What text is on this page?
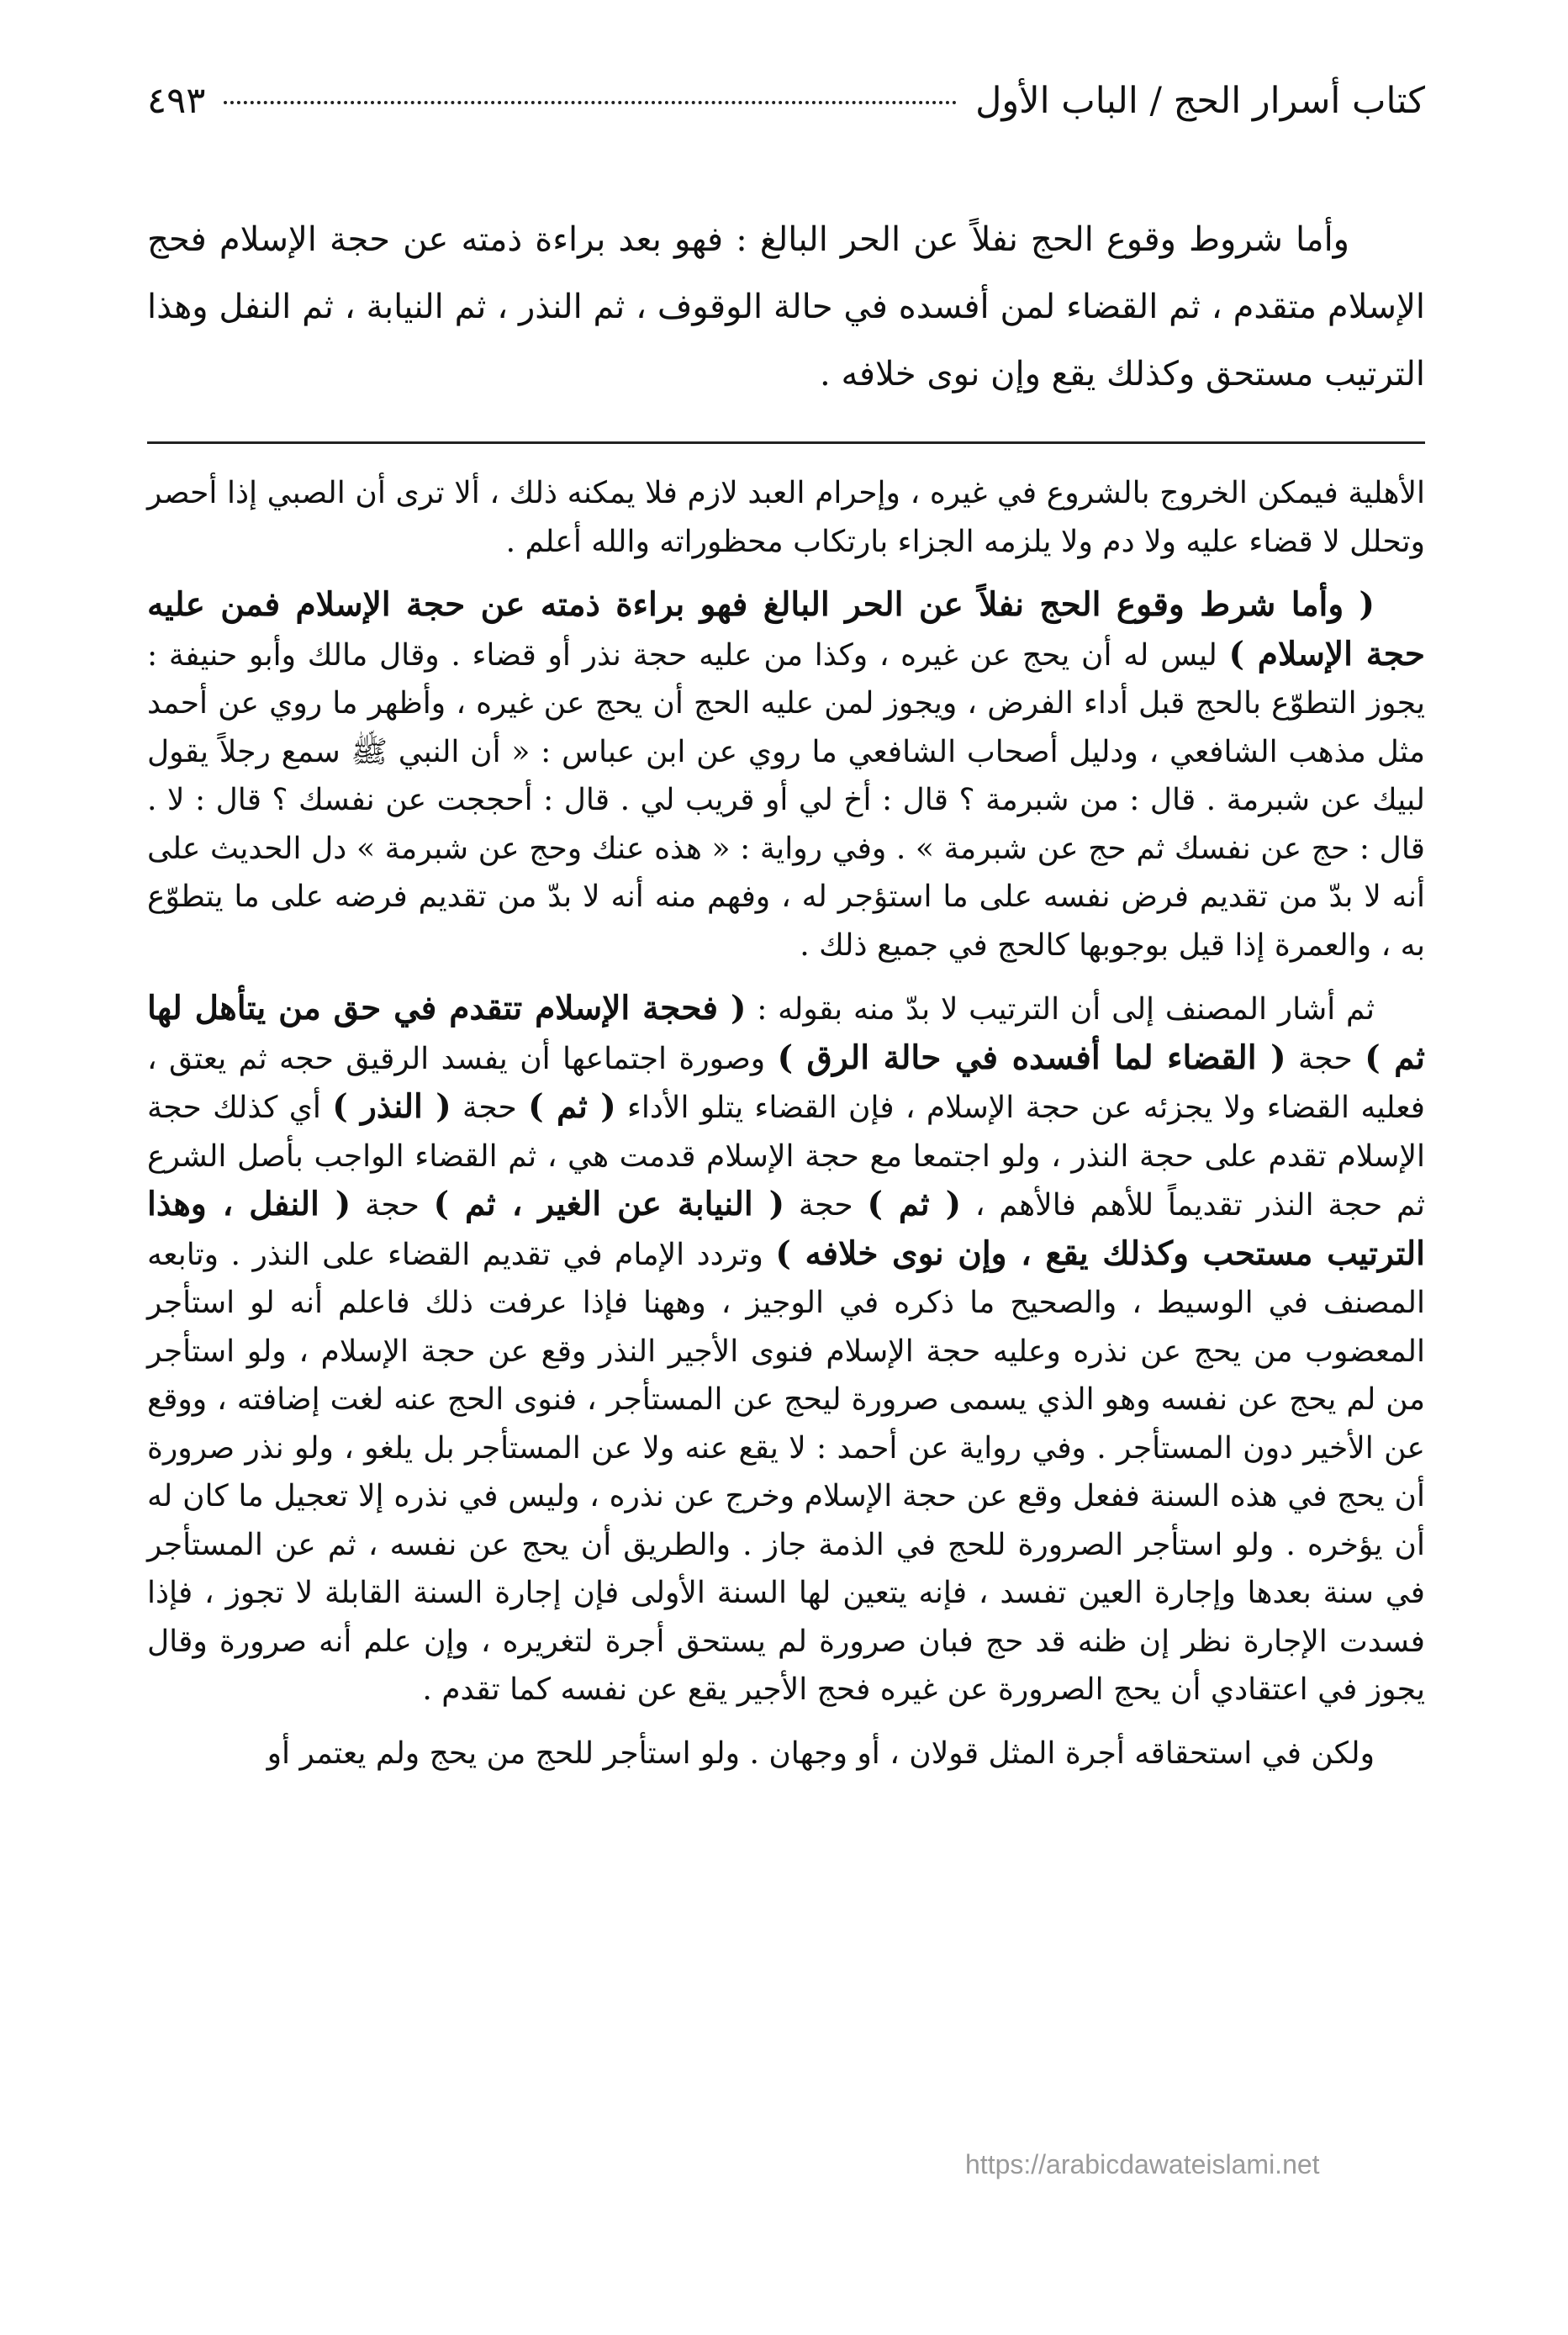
كتاب أسرار الحج / الباب الأول
٤٩٣

وأما شروط وقوع الحج نفلاً عن الحر البالغ : فهو بعد براءة ذمته عن حجة الإسلام فحج الإسلام متقدم ، ثم القضاء لمن أفسده في حالة الوقوف ، ثم النذر ، ثم النيابة ، ثم النفل وهذا الترتيب مستحق وكذلك يقع وإن نوى خلافه .

الأهلية فيمكن الخروج بالشروع في غيره ، وإحرام العبد لازم فلا يمكنه ذلك ، ألا ترى أن الصبي إذا أحصر وتحلل لا قضاء عليه ولا دم ولا يلزمه الجزاء بارتكاب محظوراته والله أعلم .

( وأما شرط وقوع الحج نفلاً عن الحر البالغ فهو براءة ذمته عن حجة الإسلام فمن عليه حجة الإسلام ) ليس له أن يحج عن غيره ، وكذا من عليه حجة نذر أو قضاء . وقال مالك وأبو حنيفة : يجوز التطوّع بالحج قبل أداء الفرض ، ويجوز لمن عليه الحج أن يحج عن غيره ، وأظهر ما روي عن أحمد مثل مذهب الشافعي ، ودليل أصحاب الشافعي ما روي عن ابن عباس : « أن النبي ﷺ سمع رجلاً يقول لبيك عن شبرمة . قال : من شبرمة ؟ قال : أخ لي أو قريب لي . قال : أحججت عن نفسك ؟ قال : لا . قال : حج عن نفسك ثم حج عن شبرمة » . وفي رواية : « هذه عنك وحج عن شبرمة » دل الحديث على أنه لا بدّ من تقديم فرض نفسه على ما استؤجر له ، وفهم منه أنه لا بدّ من تقديم فرضه على ما يتطوّع به ، والعمرة إذا قيل بوجوبها كالحج في جميع ذلك .

ثم أشار المصنف إلى أن الترتيب لا بدّ منه بقوله : ( فحجة الإسلام تتقدم في حق من يتأهل لها ثم ) حجة ( القضاء لما أفسده في حالة الرق ) وصورة اجتماعها أن يفسد الرقيق حجه ثم يعتق ، فعليه القضاء ولا يجزئه عن حجة الإسلام ، فإن القضاء يتلو الأداء ( ثم ) حجة ( النذر ) أي كذلك حجة الإسلام تقدم على حجة النذر ، ولو اجتمعا مع حجة الإسلام قدمت هي ، ثم القضاء الواجب بأصل الشرع ثم حجة النذر تقديماً للأهم فالأهم ، ( ثم ) حجة ( النيابة عن الغير ، ثم ) حجة ( النفل ، وهذا الترتيب مستحب وكذلك يقع ، وإن نوى خلافه ) وتردد الإمام في تقديم القضاء على النذر . وتابعه المصنف في الوسيط ، والصحيح ما ذكره في الوجيز ، وههنا فإذا عرفت ذلك فاعلم أنه لو استأجر المعضوب من يحج عن نذره وعليه حجة الإسلام فنوى الأجير النذر وقع عن حجة الإسلام ، ولو استأجر من لم يحج عن نفسه وهو الذي يسمى صرورة ليحج عن المستأجر ، فنوى الحج عنه لغت إضافته ، ووقع عن الأخير دون المستأجر . وفي رواية عن أحمد : لا يقع عنه ولا عن المستأجر بل يلغو ، ولو نذر صرورة أن يحج في هذه السنة ففعل وقع عن حجة الإسلام وخرج عن نذره ، وليس في نذره إلا تعجيل ما كان له أن يؤخره . ولو استأجر الصرورة للحج في الذمة جاز . والطريق أن يحج عن نفسه ، ثم عن المستأجر في سنة بعدها وإجارة العين تفسد ، فإنه يتعين لها السنة الأولى فإن إجارة السنة القابلة لا تجوز ، فإذا فسدت الإجارة نظر إن ظنه قد حج فبان صرورة لم يستحق أجرة لتغريره ، وإن علم أنه صرورة وقال يجوز في اعتقادي أن يحج الصرورة عن غيره فحج الأجير يقع عن نفسه كما تقدم .

ولكن في استحقاقه أجرة المثل قولان ، أو وجهان . ولو استأجر للحج من يحج ولم يعتمر أو

https://arabicdawateislami.net
